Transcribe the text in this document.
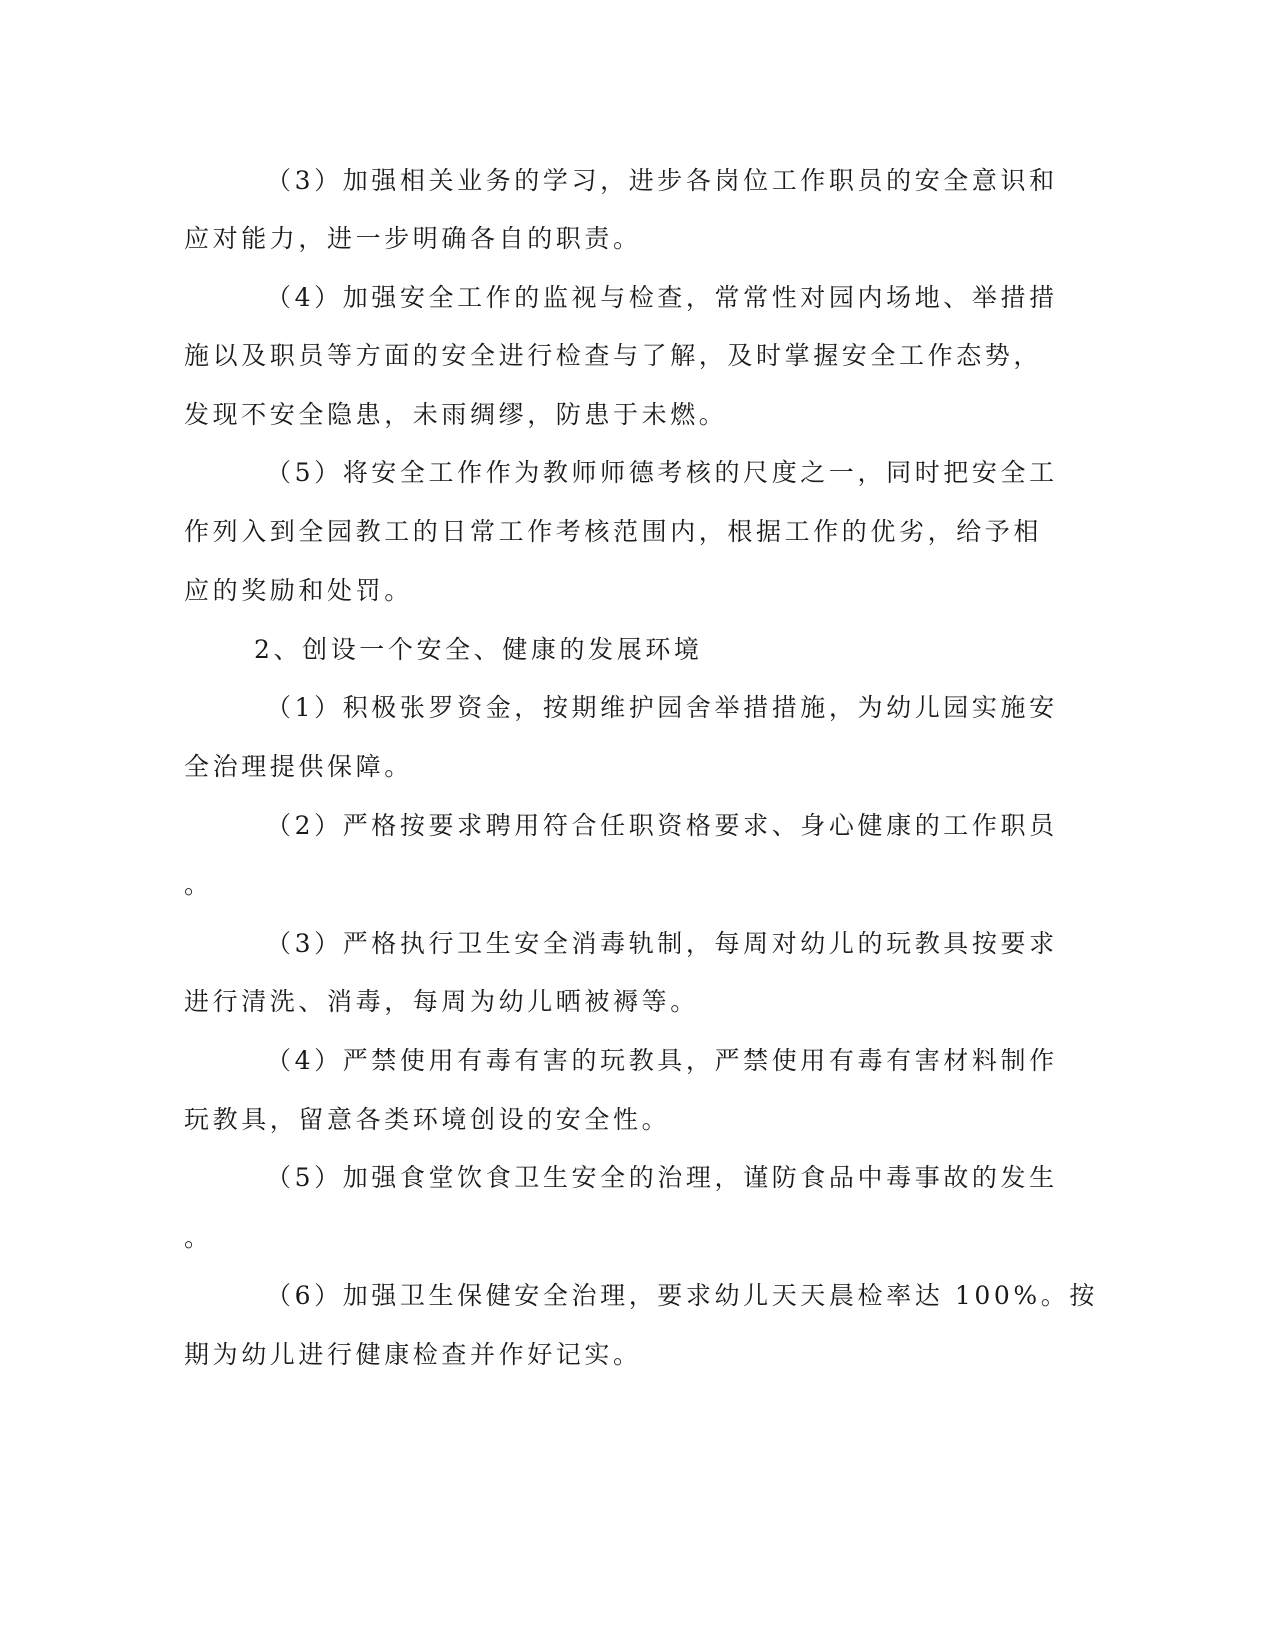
（3）加强相关业务的学习，进步各岗位工作职员的安全意识和

应对能力，进一步明确各自的职责。

（4）加强安全工作的监视与检查，常常性对园内场地、举措措

施以及职员等方面的安全进行检查与了解，及时掌握安全工作态势，

发现不安全隐患，未雨绸缪，防患于未燃。

（5）将安全工作作为教师师德考核的尺度之一，同时把安全工

作列入到全园教工的日常工作考核范围内，根据工作的优劣，给予相

应的奖励和处罚。

2、创设一个安全、健康的发展环境

（1）积极张罗资金，按期维护园舍举措措施，为幼儿园实施安

全治理提供保障。

（2）严格按要求聘用符合任职资格要求、身心健康的工作职员

。

（3）严格执行卫生安全消毒轨制，每周对幼儿的玩教具按要求

进行清洗、消毒，每周为幼儿晒被褥等。

（4）严禁使用有毒有害的玩教具，严禁使用有毒有害材料制作

玩教具，留意各类环境创设的安全性。

（5）加强食堂饮食卫生安全的治理，谨防食品中毒事故的发生

。

（6）加强卫生保健安全治理，要求幼儿天天晨检率达 100%。按

期为幼儿进行健康检查并作好记实。
